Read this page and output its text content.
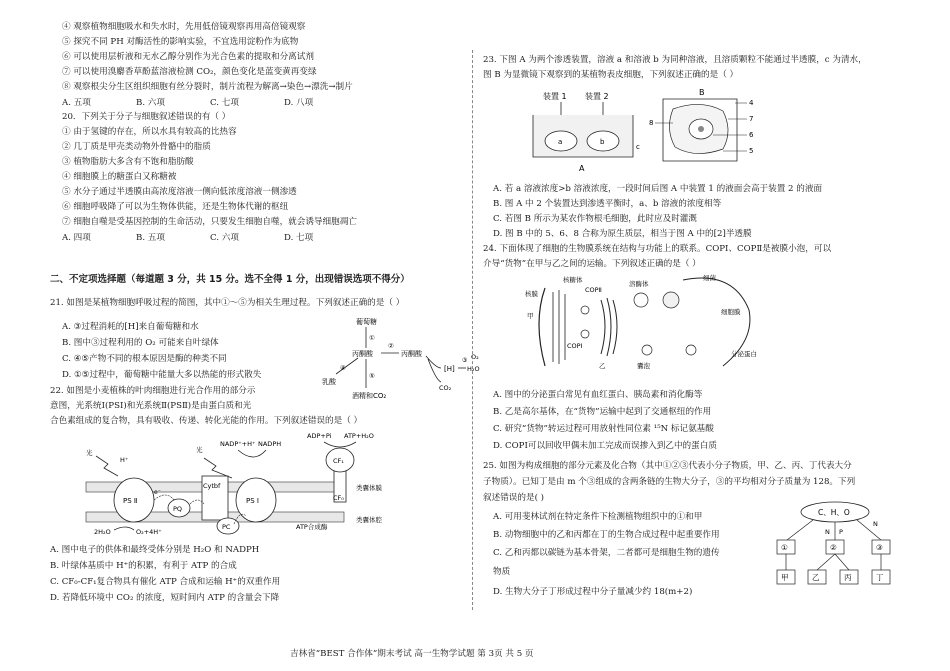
④ 观察植物细胞吸水和失水时，先用低倍镜观察再用高倍镜观察
⑤ 探究不同 PH 对酶活性的影响实验，不宜选用淀粉作为底物
⑥ 可以使用层析液和无水乙醇分别作为光合色素的提取和分离试剂
⑦ 可以使用溴麝香草酚蓝溶液检测 CO₂，颜色变化是蓝变黄再变绿
⑧ 观察根尖分生区组织细胞有丝分裂时，制片流程为解离→染色→漂洗→制片
A. 五项	B. 六项	C. 七项	D. 八项
20．下列关于分子与细胞叙述错误的有（ ）
① 由于氢键的存在，所以水具有较高的比热容
② 几丁质是甲壳类动物外骨骼中的脂质
③ 植物脂肪大多含有不饱和脂肪酸
④ 细胞膜上的糖蛋白又称糖被
⑤ 水分子通过半透膜由高浓度溶液一侧向低浓度溶液一侧渗透
⑥ 细胞呼吸降了可以为生物体供能，还是生物体代谢的枢纽
⑦ 细胞自噬是受基因控制的生命活动，只要发生细胞自噬，就会诱导细胞凋亡
A. 四项	B. 五项	C. 六项	D. 七项
二、不定项选择题（每道题 3 分，共 15 分。选不全得 1 分，出现错误选项不得分）
21. 如图是某植物细胞呼吸过程的简图，其中①～⑤为相关生理过程。下列叙述正确的是（ ）
A. ③过程消耗的[H]来自葡萄糖和水
B. 图中③过程利用的 O₂ 可能来自叶绿体
C. ④⑤产物不同的根本原因是酶的种类不同
D. ①⑤过程中，葡萄糖中能量大多以热能的形式散失
葡萄糖
①
丙酮酸	丙酮酸
②
[H] H₂O
③ O₂
CO₂
④
乳酸
⑤
酒精和CO₂
22. 如图是小麦植株的叶肉细胞进行光合作用的部分示
意图，光系统Ⅰ(PSⅠ)和光系统Ⅱ(PSⅡ)是由蛋白质和光
合色素组成的复合物，具有吸收、传递、转化光能的作用。下列叙述错误的是（ ）
光
H⁺
PS Ⅱ
PQ
Cytbf
PS Ⅰ
PC
NADP⁺+H⁺ NADPH
光
2H₂O	O₂+4H⁺
e⁻
CF₁
CF₀
ADP+Pi ATP+H₂O
ATP合成酶
类囊体膜
类囊体腔
A. 图中电子的供体和最终受体分别是 H₂O 和 NADPH
B. 叶绿体基质中 H⁺的积累，有利于 ATP 的合成
C. CF₀-CF₁复合物具有催化 ATP 合成和运输 H⁺的双重作用
D. 若降低环境中 CO₂ 的浓度，短时间内 ATP 的含量会下降
23. 下图 A 为两个渗透装置，溶液 a 和溶液 b 为同种溶液，且溶质颗粒不能通过半透膜，c 为清水，
图 B 为显微镜下观察到的某植物表皮细胞，下列叙述正确的是（ ）
装置 1 装置 2
a	b
c
A
B
4
8	7
6
5
A. 若 a 溶液浓度>b 溶液浓度，一段时间后图 A 中装置 1 的液面会高于装置 2 的液面
B. 图 A 中 2 个装置达到渗透平衡时，a、b 溶液的浓度相等
C. 若图 B 所示为某农作物根毛细胞，此时应及时灌溉
D. 图 B 中的 5、6、8 合称为原生质层，相当于图 A 中的[2]半透膜
24. 下面体现了细胞的生物膜系统在结构与功能上的联系。COPⅠ、COPⅡ是被膜小泡，可以
介导“货物”在甲与乙之间的运输。下列叙述正确的是（ ）
核膜
核糖体
甲
COPⅡ
COPⅠ
乙
溶酶体
细菌
细胞膜
囊泡
分泌蛋白
A. 图中的分泌蛋白常见有血红蛋白、胰岛素和消化酶等
B. 乙是高尔基体，在“货物”运输中起到了交通枢纽的作用
C. 研究“货物”转运过程可用放射性同位素 ¹⁵N 标记氨基酸
D. COPⅠ可以回收甲偶未加工完成而误掺入到乙中的蛋白质
25. 如图为构成细胞的部分元素及化合物（其中①②③代表小分子物质，甲、乙、丙、丁代表大分
子物质）。已知丁是由 m 个③组成的含两条链的生物大分子，③的平均相对分子质量为 128。下列
叙述错误的是( )
A. 可用斐林试剂在特定条件下检测植物组织中的①和甲
B. 动物细胞中的乙和丙都在丁的生物合成过程中起重要作用
C. 乙和丙都以碳链为基本骨架，二者都可是细胞生物的遗传
物质
D. 生物大分子丁形成过程中分子量减少约 18(m+2)
C、H、O
N P
N
①	②	③
甲	乙	丙	丁
吉林省“BEST 合作体”期末考试 高一生物学试题 第 3页 共 5 页
